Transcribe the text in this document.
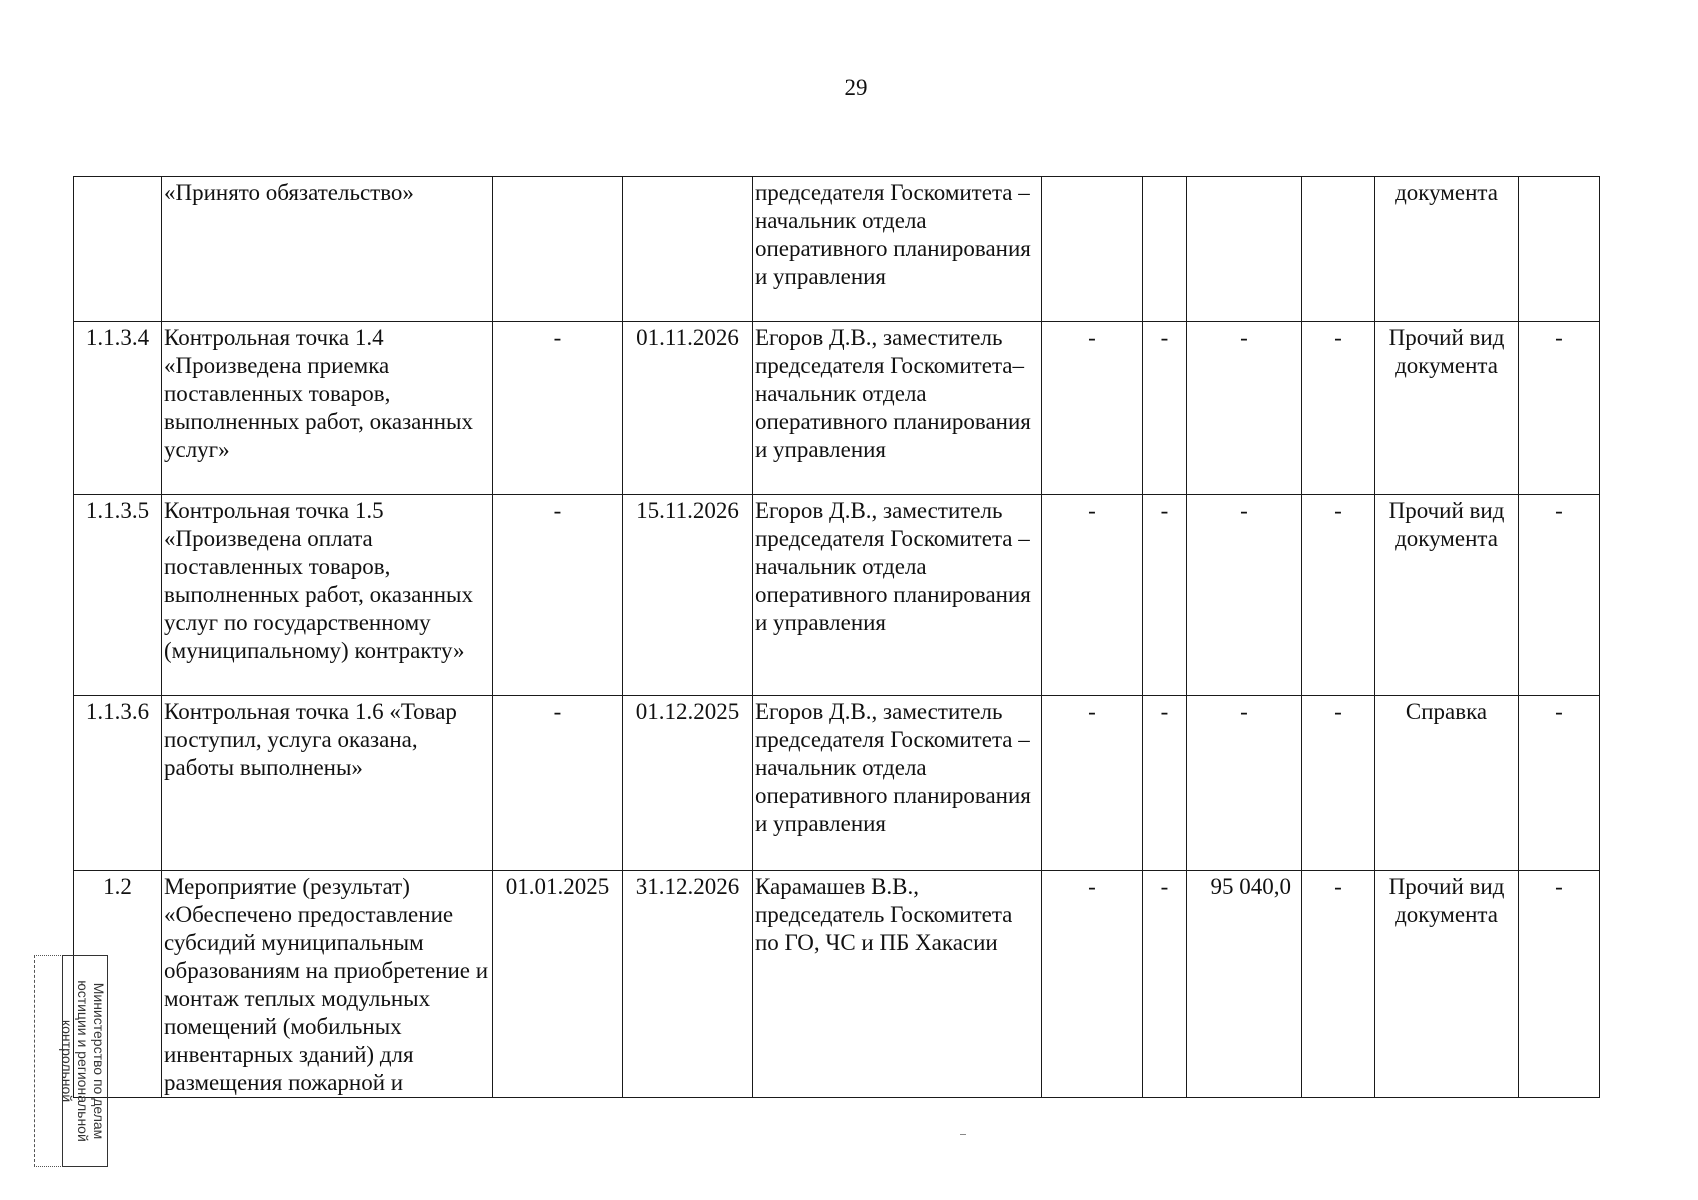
29
	«Принято обязательство»			председателя Госкомитета – начальник отдела оперативного планирования и управления					документа	
1.1.3.4	Контрольная точка 1.4 «Произведена приемка поставленных товаров, выполненных работ, оказанных услуг»	-	01.11.2026	Егоров Д.В., заместитель председателя Госкомитета– начальник отдела оперативного планирования и управления	-	-	-	-	Прочий вид документа	-
1.1.3.5	Контрольная точка 1.5 «Произведена оплата поставленных товаров, выполненных работ, оказанных услуг по государственному (муниципальному) контракту»	-	15.11.2026	Егоров Д.В., заместитель председателя Госкомитета – начальник отдела оперативного планирования и управления	-	-	-	-	Прочий вид документа	-
1.1.3.6	Контрольная точка 1.6 «Товар поступил, услуга оказана, работы выполнены»	-	01.12.2025	Егоров Д.В., заместитель председателя Госкомитета – начальник отдела оперативного планирования и управления	-	-	-	-	Справка	-
1.2	Мероприятие (результат) «Обеспечено предоставление субсидий муниципальным образованиям на приобретение и монтаж теплых модульных помещений (мобильных инвентарных зданий) для размещения пожарной и	01.01.2025	31.12.2026	Карамашев В.В., председатель Госкомитета по ГО, ЧС и ПБ Хакасии	-	-	95 040,0	-	Прочий вид документа	-
Министерство по делам
юстиции и региональной
контрольной
